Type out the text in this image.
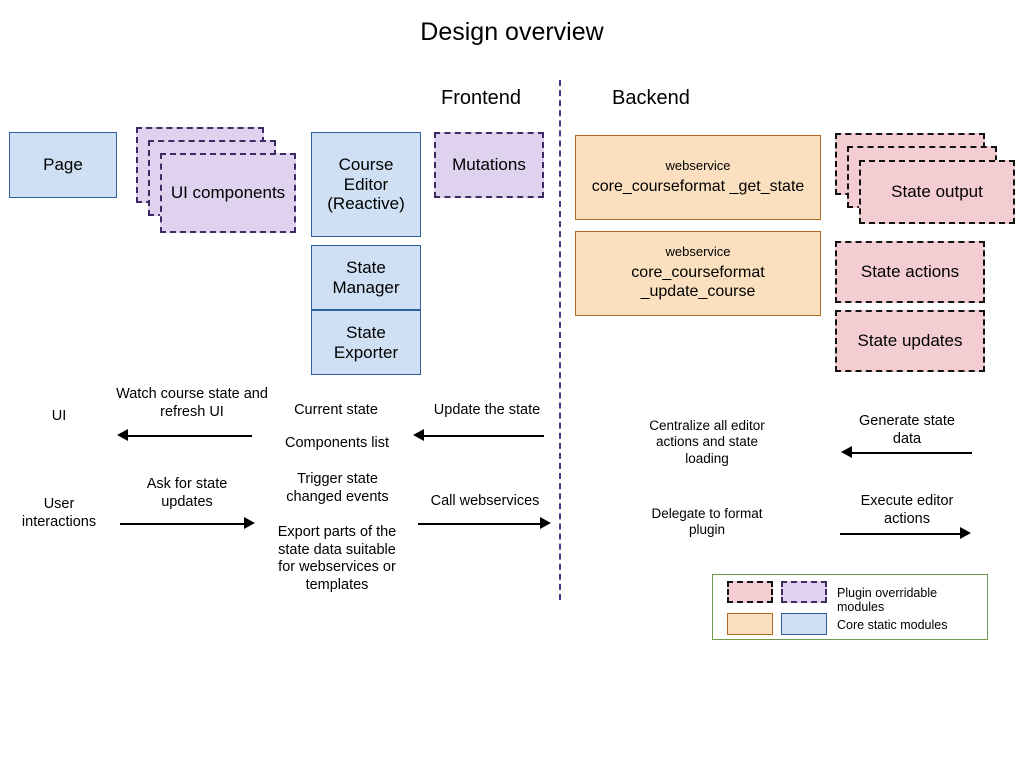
Design overview
Frontend	Backend
Page
UI components
Course Editor (Reactive)
State Manager
State Exporter
Mutations	webservice
core_courseformat _get_state
webservice
core_courseformat _update_course
State output
State actions
State updates
UI
User interactions
Watch course state and refresh UI	Current state
Components list
Update the state
Ask for state updates
Trigger state changed events
Export parts of the state data suitable for webservices or templates
Call webservices
Centralize all editor actions and state loading
Delegate to format plugin
Generate state data
Execute editor actions
Plugin overridable modules
Core static modules
